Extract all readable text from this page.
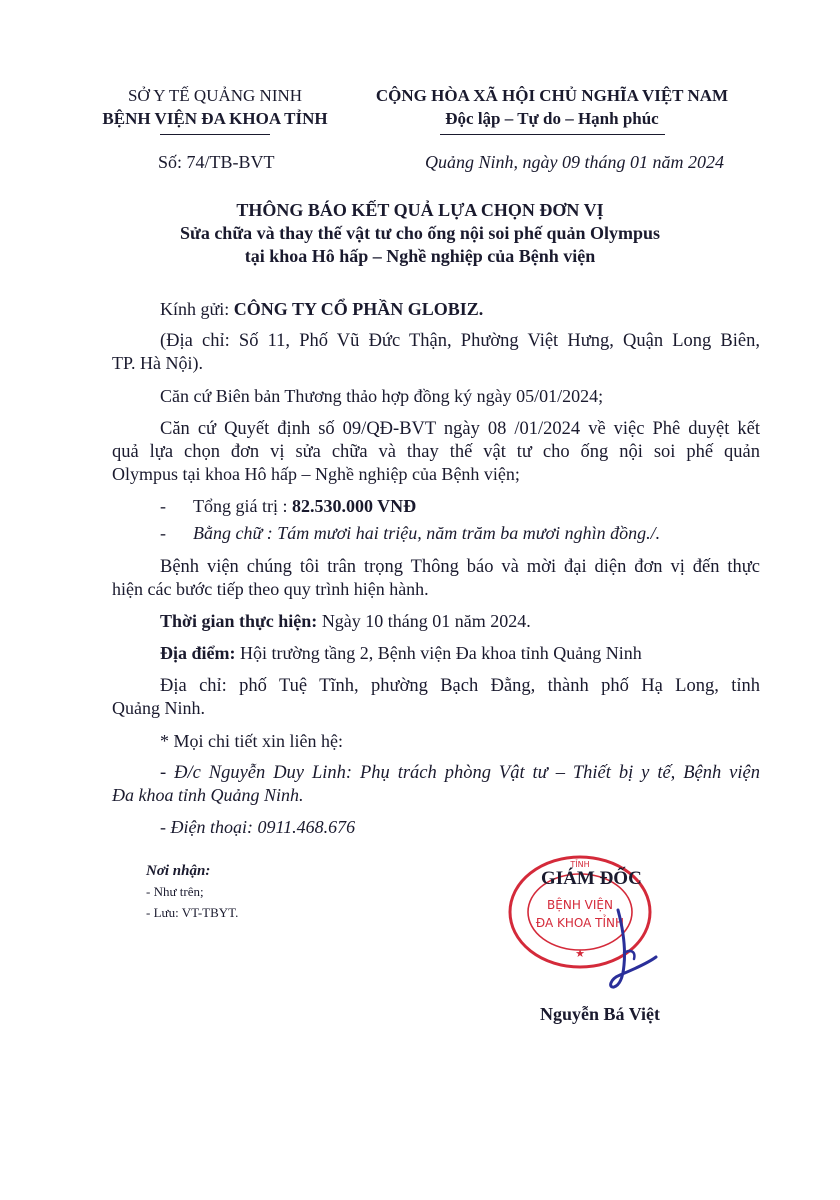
SỞ Y TẾ QUẢNG NINH
BỆNH VIỆN ĐA KHOA TỈNH
CỘNG HÒA XÃ HỘI CHỦ NGHĨA VIỆT NAM
Độc lập – Tự do – Hạnh phúc
Số: 74/TB-BVT	Quảng Ninh, ngày 09 tháng 01 năm 2024
THÔNG BÁO KẾT QUẢ LỰA CHỌN ĐƠN VỊ
Sửa chữa và thay thế vật tư cho ống nội soi phế quản Olympus
tại khoa Hô hấp – Nghề nghiệp của Bệnh viện
Kính gửi: CÔNG TY CỔ PHẦN GLOBIZ.
(Địa chỉ: Số 11, Phố Vũ Đức Thận, Phường Việt Hưng, Quận Long Biên,
TP. Hà Nội).
Căn cứ Biên bản Thương thảo hợp đồng ký ngày 05/01/2024;
Căn cứ Quyết định số 09/QĐ-BVT ngày 08 /01/2024 về việc Phê duyệt kết
quả lựa chọn đơn vị sửa chữa và thay thế vật tư cho ống nội soi phế quản
Olympus tại khoa Hô hấp – Nghề nghiệp của Bệnh viện;
- Tổng giá trị : 82.530.000 VNĐ
- Bằng chữ : Tám mươi hai triệu, năm trăm ba mươi nghìn đồng./.
Bệnh viện chúng tôi trân trọng Thông báo và mời đại diện đơn vị đến thực
hiện các bước tiếp theo quy trình hiện hành.
Thời gian thực hiện: Ngày 10 tháng 01 năm 2024.
Địa điểm: Hội trường tầng 2, Bệnh viện Đa khoa tỉnh Quảng Ninh
Địa chỉ: phố Tuệ Tĩnh, phường Bạch Đằng, thành phố Hạ Long, tỉnh
Quảng Ninh.
* Mọi chi tiết xin liên hệ:
- Đ/c Nguyễn Duy Linh: Phụ trách phòng Vật tư – Thiết bị y tế, Bệnh viện
Đa khoa tỉnh Quảng Ninh.
- Điện thoại: 0911.468.676
Nơi nhận:
- Như trên;
- Lưu: VT-TBYT.
TỈNH
BỆNH VIỆN
ĐA KHOA TỈNH
★
GIÁM ĐỐC
Nguyễn Bá Việt
